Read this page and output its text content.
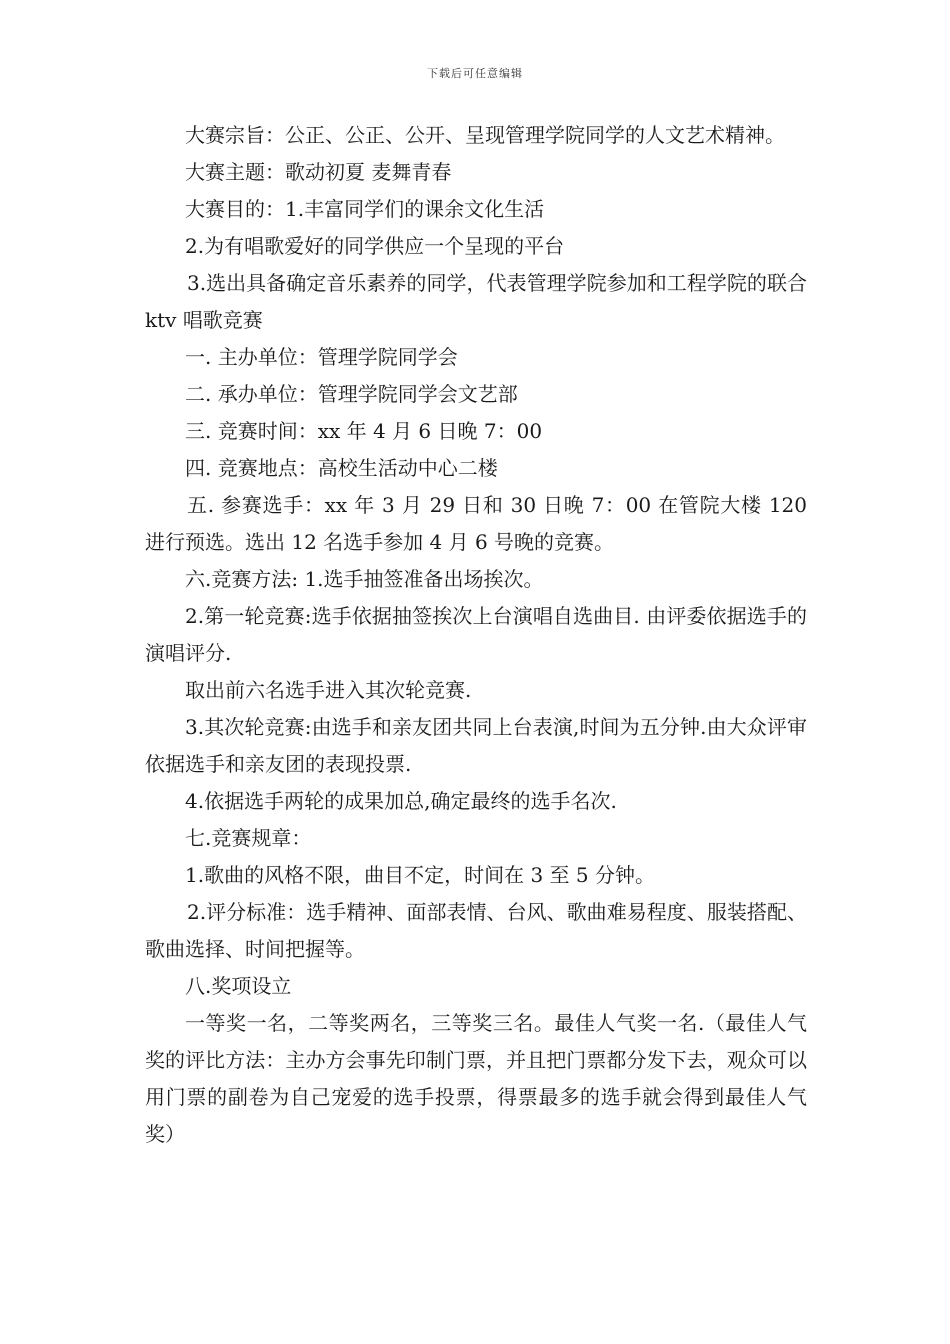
下载后可任意编辑

大赛宗旨：公正、公正、公开、呈现管理学院同学的人文艺术精神。

大赛主题：歌动初夏 麦舞青春

大赛目的：1.丰富同学们的课余文化生活

2.为有唱歌爱好的同学供应一个呈现的平台

3.选出具备确定音乐素养的同学，代表管理学院参加和工程学院的联合 ktv 唱歌竞赛

一. 主办单位：管理学院同学会

二. 承办单位：管理学院同学会文艺部

三. 竞赛时间：xx 年 4 月 6 日晚 7：00

四. 竞赛地点：高校生活动中心二楼

五. 参赛选手：xx 年 3 月 29 日和 30 日晚 7：00 在管院大楼 120 进行预选。选出 12 名选手参加 4 月 6 号晚的竞赛。

六.竞赛方法: 1.选手抽签准备出场挨次。

2.第一轮竞赛:选手依据抽签挨次上台演唱自选曲目. 由评委依据选手的演唱评分.

取出前六名选手进入其次轮竞赛.

3.其次轮竞赛:由选手和亲友团共同上台表演,时间为五分钟.由大众评审依据选手和亲友团的表现投票.

4.依据选手两轮的成果加总,确定最终的选手名次.

七.竞赛规章：

1.歌曲的风格不限，曲目不定，时间在 3 至 5 分钟。

2.评分标准：选手精神、面部表情、台风、歌曲难易程度、服装搭配、歌曲选择、时间把握等。

八.奖项设立

一等奖一名，二等奖两名，三等奖三名。最佳人气奖一名.（最佳人气奖的评比方法：主办方会事先印制门票，并且把门票都分发下去，观众可以用门票的副卷为自己宠爱的选手投票，得票最多的选手就会得到最佳人气奖）
